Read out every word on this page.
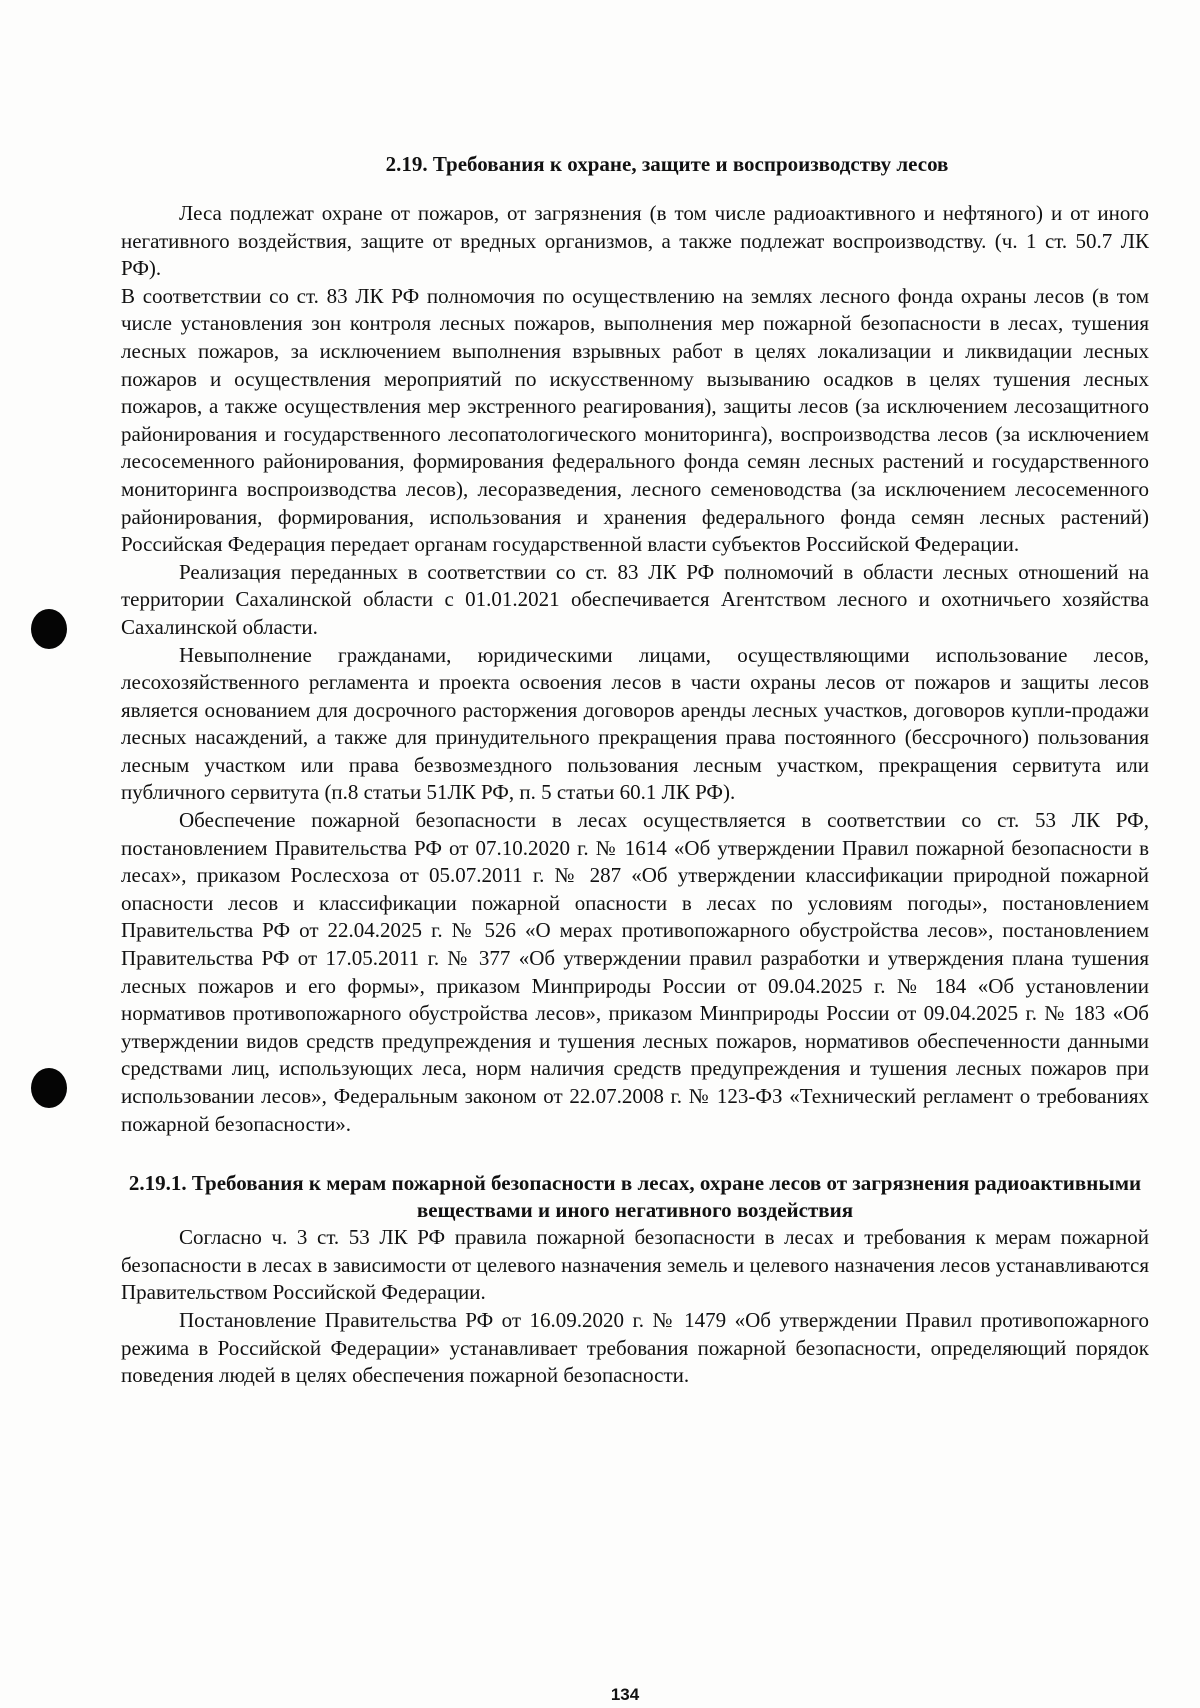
2.19. Требования к охране, защите и воспроизводству лесов

Леса подлежат охране от пожаров, от загрязнения (в том числе радиоактивного и нефтяного) и от иного негативного воздействия, защите от вредных организмов, а также подлежат воспроизводству. (ч. 1 ст. 50.7 ЛК РФ).

В соответствии со ст. 83 ЛК РФ полномочия по осуществлению на землях лесного фонда охраны лесов (в том числе установления зон контроля лесных пожаров, выполнения мер пожарной безопасности в лесах, тушения лесных пожаров, за исключением выполнения взрывных работ в целях локализации и ликвидации лесных пожаров и осуществления мероприятий по искусственному вызыванию осадков в целях тушения лесных пожаров, а также осуществления мер экстренного реагирования), защиты лесов (за исключением лесозащитного районирования и государственного лесопатологического мониторинга), воспроизводства лесов (за исключением лесосеменного районирования, формирования федерального фонда семян лесных растений и государственного мониторинга воспроизводства лесов), лесоразведения, лесного семеноводства (за исключением лесосеменного районирования, формирования, использования и хранения федерального фонда семян лесных растений) Российская Федерация передает органам государственной власти субъектов Российской Федерации.

Реализация переданных в соответствии со ст. 83 ЛК РФ полномочий в области лесных отношений на территории Сахалинской области с 01.01.2021 обеспечивается Агентством лесного и охотничьего хозяйства Сахалинской области.

Невыполнение гражданами, юридическими лицами, осуществляющими использование лесов, лесохозяйственного регламента и проекта освоения лесов в части охраны лесов от пожаров и защиты лесов является основанием для досрочного расторжения договоров аренды лесных участков, договоров купли-продажи лесных насаждений, а также для принудительного прекращения права постоянного (бессрочного) пользования лесным участком или права безвозмездного пользования лесным участком, прекращения сервитута или публичного сервитута (п.8 статьи 51ЛК РФ, п. 5 статьи 60.1 ЛК РФ).

Обеспечение пожарной безопасности в лесах осуществляется в соответствии со ст. 53 ЛК РФ, постановлением Правительства РФ от 07.10.2020 г. № 1614 «Об утверждении Правил пожарной безопасности в лесах», приказом Рослесхоза от 05.07.2011 г. № 287 «Об утверждении классификации природной пожарной опасности лесов и классификации пожарной опасности в лесах по условиям погоды», постановлением Правительства РФ от 22.04.2025 г. № 526 «О мерах противопожарного обустройства лесов», постановлением Правительства РФ от 17.05.2011 г. № 377 «Об утверждении правил разработки и утверждения плана тушения лесных пожаров и его формы», приказом Минприроды России от 09.04.2025 г. № 184 «Об установлении нормативов противопожарного обустройства лесов», приказом Минприроды России от 09.04.2025 г. № 183 «Об утверждении видов средств предупреждения и тушения лесных пожаров, нормативов обеспеченности данными средствами лиц, использующих леса, норм наличия средств предупреждения и тушения лесных пожаров при использовании лесов», Федеральным законом от 22.07.2008 г. № 123-ФЗ «Технический регламент о требованиях пожарной безопасности».

2.19.1. Требования к мерам пожарной безопасности в лесах, охране лесов от загрязнения радиоактивными веществами и иного негативного воздействия

Согласно ч. 3 ст. 53 ЛК РФ правила пожарной безопасности в лесах и требования к мерам пожарной безопасности в лесах в зависимости от целевого назначения земель и целевого назначения лесов устанавливаются Правительством Российской Федерации.

Постановление Правительства РФ от 16.09.2020 г. № 1479 «Об утверждении Правил противопожарного режима в Российской Федерации» устанавливает требования пожарной безопасности, определяющий порядок поведения людей в целях обеспечения пожарной безопасности.

134
